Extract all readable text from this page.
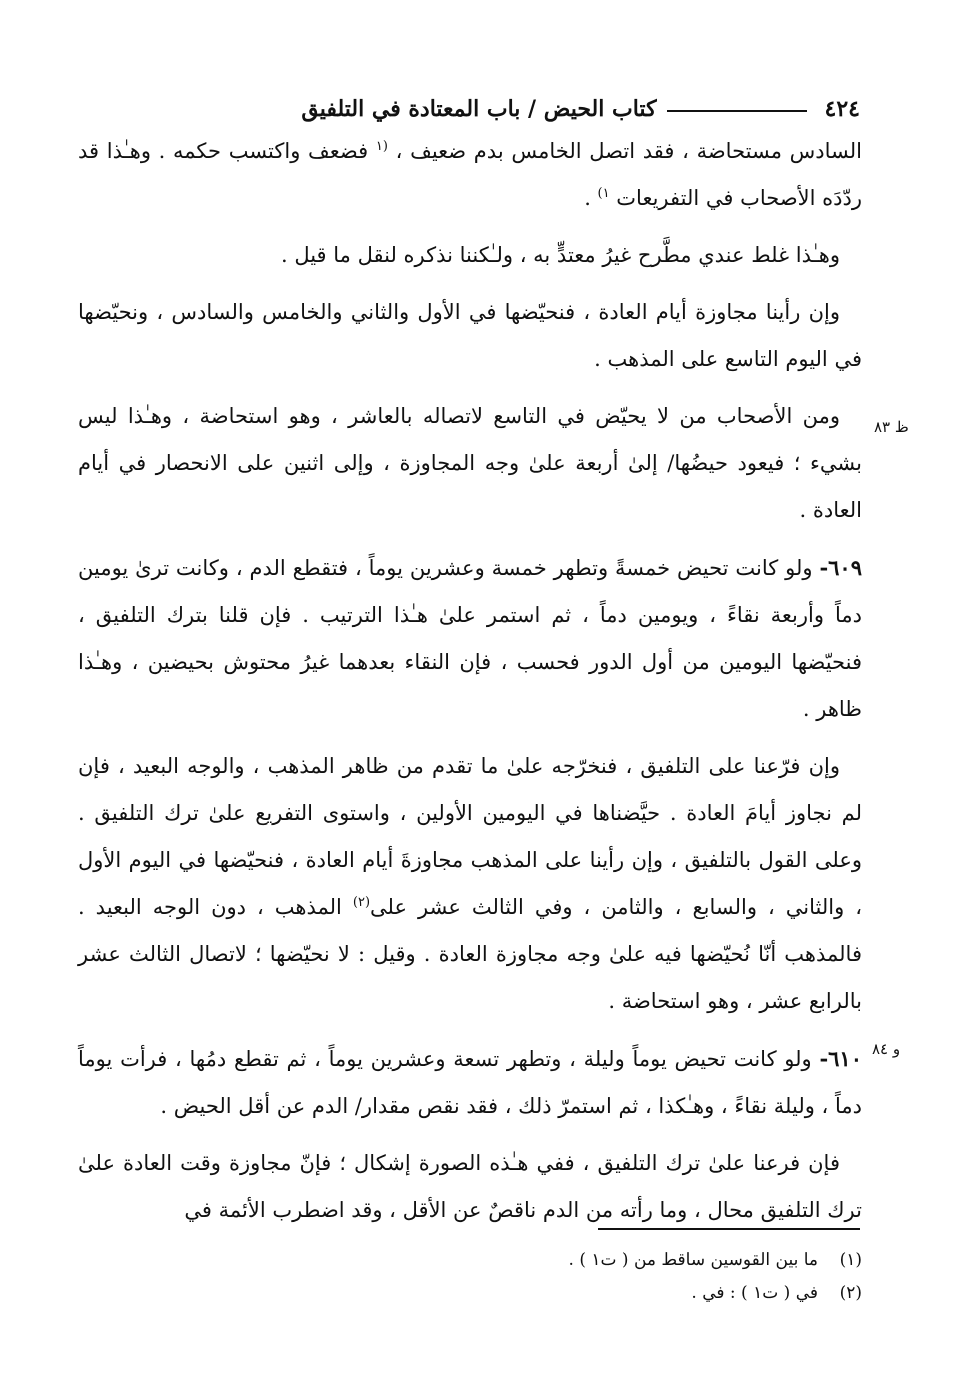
٤٢٤
كتاب الحيض / باب المعتادة في التلفيق

السادس مستحاضة ، فقد اتصل الخامس بدم ضعيف ، $^{(١}$ فضعف واكتسب حكمه . وهـٰذا قد ردّدَه الأصحاب في التفريعات $^{١)}$ .

وهـٰذا غلط عندي مطَّرح غيرُ معتدٍّ به ، ولـٰكننا نذكره لنقل ما قيل .

وإن رأينا مجاوزة أيام العادة ، فنحيّضها في الأول والثاني والخامس والسادس ، ونحيّضها في اليوم التاسع على المذهب .

ومن الأصحاب من لا يحيّض في التاسع لاتصاله بالعاشر ، وهو استحاضة ، وهـٰذا ليس بشيء ؛ فيعود حيضُها/ إلىٰ أربعة علىٰ وجه المجاوزة ، وإلى اثنين على الانحصار في أيام العادة .

٦٠٩- ولو كانت تحيض خمسةً وتطهر خمسة وعشرين يوماً ، فتقطع الدم ، وكانت ترىٰ يومين دماً وأربعة نقاءً ، ويومين دماً ، ثم استمر علىٰ هـٰذا الترتيب . فإن قلنا بترك التلفيق ، فنحيّضها اليومين من أول الدور فحسب ، فإن النقاء بعدهما غيرُ محتوش بحيضين ، وهـٰذا ظاهر .

وإن فرّعنا على التلفيق ، فنخرّجه علىٰ ما تقدم من ظاهر المذهب ، والوجه البعيد ، فإن لم نجاوز أيامَ العادة . حيَّضناها في اليومين الأولين ، واستوى التفريع علىٰ ترك التلفيق . وعلى القول بالتلفيق ، وإن رأينا على المذهب مجاوزةَ أيام العادة ، فنحيّضها في اليوم الأول ، والثاني ، والسابع ، والثامن ، وفي الثالث عشر على$^{(٢)}$ المذهب ، دون الوجه البعيد . فالمذهب أنّا نُحيّضها فيه علىٰ وجه مجاوزة العادة . وقيل : لا نحيّضها ؛ لاتصال الثالث عشر بالرابع عشر ، وهو استحاضة .

٦١٠- ولو كانت تحيض يوماً وليلة ، وتطهر تسعة وعشرين يوماً ، ثم تقطع دمُها ، فرأت يوماً دماً ، وليلة نقاءً ، وهـٰكذا ، ثم استمرّ ذلك ، فقد نقص مقدار/ الدم عن أقل الحيض .

فإن فرعنا علىٰ ترك التلفيق ، ففي هـٰذه الصورة إشكال ؛ فإنّ مجاوزة وقت العادة علىٰ ترك التلفيق محال ، وما رأته من الدم ناقصٌ عن الأقل ، وقد اضطرب الأئمة في

ظ ٨٣
و ٨٤

(١)ما بين القوسين ساقط من ( ت١ ) .

(٢)في ( ت١ ) : في .
